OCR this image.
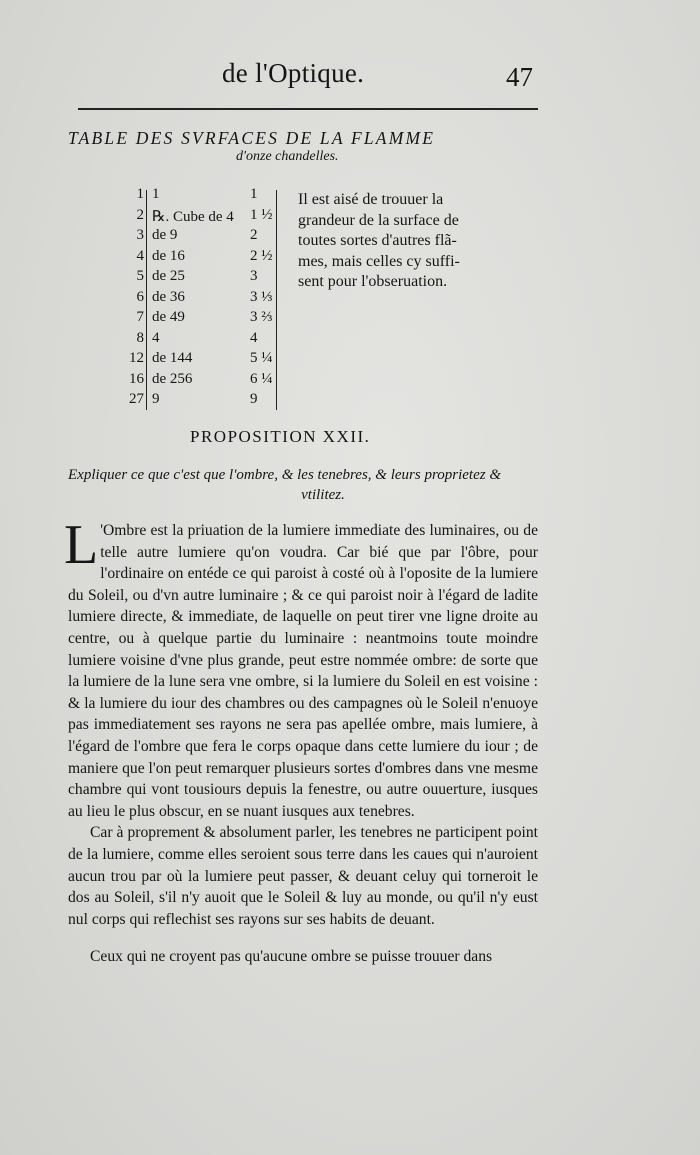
de l'Optique.	47
TABLE DES SVRFACES DE LA FLAMME
d'onze chandelles.
1 1	1
2 ℞. Cube de 4	1 ½
3 de 9	2
4 de 16	2 ½
5 de 25	3
6 de 36	3 ⅓
7 de 49	3 ⅔
8 4	4
12 de 144	5 ¼
16 de 256	6 ¼
27 9	9
Il est aisé de trouuer la
grandeur de la surface de
toutes sortes d'autres flã-
mes, mais celles cy suffi-
sent pour l'obseruation.
PROPOSITION XXII.
Expliquer ce que c'est que l'ombre, & les tenebres, & leurs proprietez &
vtilitez.

L 'Ombre est la priuation de la lumiere immediate des luminaires, ou de telle autre lumiere qu'on voudra. Car bié que par l'ôbre, pour l'ordinaire on entéde ce qui paroist à costé où à l'oposite de la lumiere du Soleil, ou d'vn autre luminaire ; & ce qui paroist noir à l'égard de ladite lumiere directe, & immediate, de laquelle on peut tirer vne ligne droite au centre, ou à quelque partie du luminaire : neantmoins toute moindre lumiere voisine d'vne plus grande, peut estre nommée ombre: de sorte que la lumiere de la lune sera vne ombre, si la lumiere du Soleil en est voisine : & la lumiere du iour des chambres ou des campagnes où le Soleil n'enuoye pas immediatement ses rayons ne sera pas apellée ombre, mais lumiere, à l'égard de l'ombre que fera le corps opaque dans cette lumiere du iour ; de maniere que l'on peut remarquer plusieurs sortes d'ombres dans vne mesme chambre qui vont tousiours depuis la fenestre, ou autre ouuerture, iusques au lieu le plus obscur, en se nuant iusques aux tenebres.

Car à proprement & absolument parler, les tenebres ne participent point de la lumiere, comme elles seroient sous terre dans les caues qui n'auroient aucun trou par où la lumiere peut passer, & deuant celuy qui torneroit le dos au Soleil, s'il n'y auoit que le Soleil & luy au monde, ou qu'il n'y eust nul corps qui reflechist ses rayons sur ses habits de deuant.

Ceux qui ne croyent pas qu'aucune ombre se puisse trouuer dans
